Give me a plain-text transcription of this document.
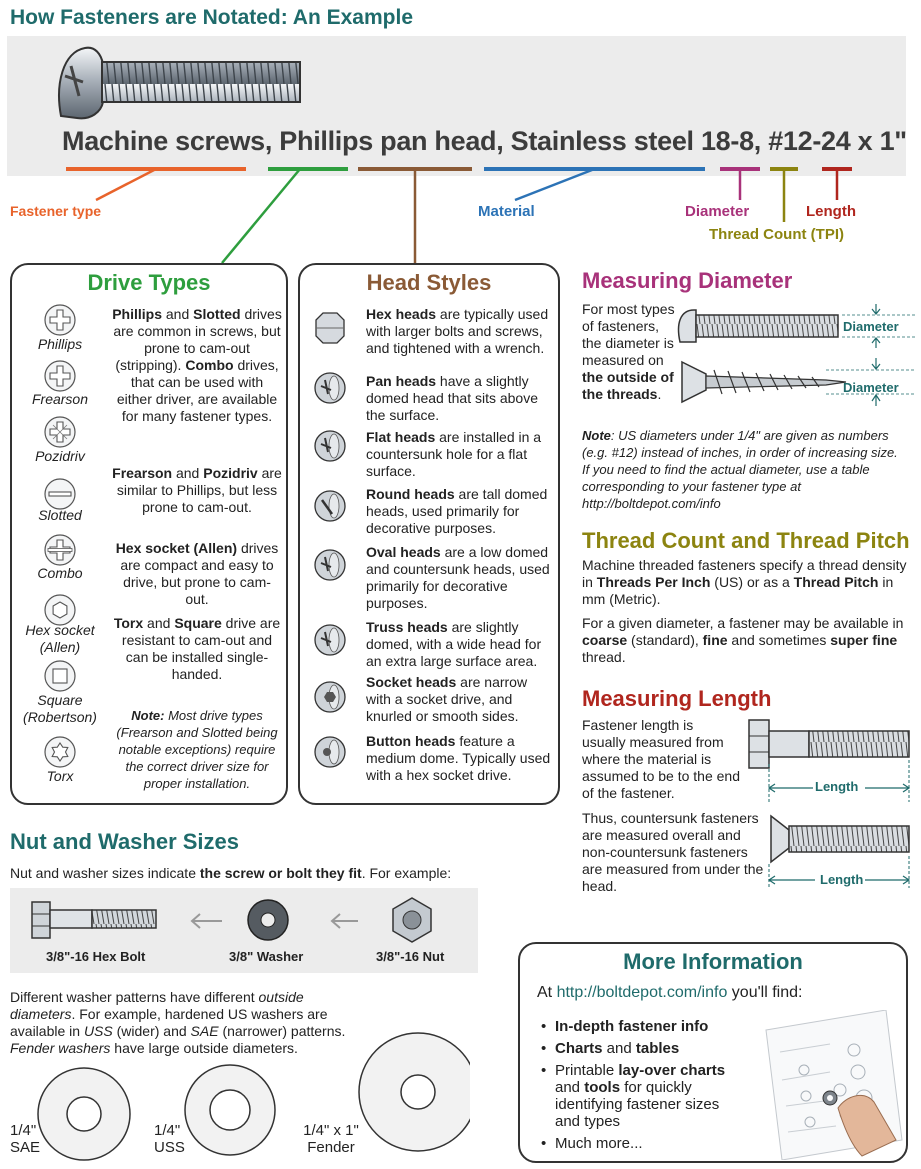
How Fasteners are Notated: An Example
Machine screws, Phillips pan head, Stainless steel 18-8, #12-24 x 1"
Fastener type	Material	Diameter	Length
Thread Count (TPI)
Drive Types
Phillips
Frearson
Pozidriv
Slotted
Combo
Hex socket (Allen)
Square (Robertson)
Torx
Phillips and Slotted drives are common in screws, but prone to cam-out (stripping). Combo drives, that can be used with either driver, are available for many fastener types.
Frearson and Pozidriv are similar to Phillips, but less prone to cam-out.
Hex socket (Allen) drives are compact and easy to drive, but prone to cam-out.
Torx and Square drive are resistant to cam-out and can be installed single-handed.
Note: Most drive types (Frearson and Slotted being notable exceptions) require the correct driver size for proper installation.
Head Styles
Hex heads are typically used with larger bolts and screws, and tightened with a wrench.
Pan heads have a slightly domed head that sits above the surface.
Flat heads are installed in a countersunk hole for a flat surface.
Round heads are tall domed heads, used primarily for decorative purposes.
Oval heads are a low domed and countersunk heads, used primarily for decorative purposes.
Truss heads are slightly domed, with a wide head for an extra large surface area.
Socket heads are narrow with a socket drive, and knurled or smooth sides.
Button heads feature a medium dome. Typically used with a hex socket drive.
Measuring Diameter
For most types of fasteners, the diameter is measured on the outside of the threads.
Diameter
Diameter
Note: US diameters under 1/4" are given as numbers (e.g. #12) instead of inches, in order of increasing size. If you need to find the actual diameter, use a table corresponding to your fastener type at http://boltdepot.com/info
Thread Count and Thread Pitch
Machine threaded fasteners specify a thread density in Threads Per Inch (US) or as a Thread Pitch in mm (Metric).
For a given diameter, a fastener may be available in coarse (standard), fine and sometimes super fine thread.
Measuring Length
Fastener length is usually measured from where the material is assumed to be to the end of the fastener.
Thus, countersunk fasteners are measured overall and non-countersunk fasteners are measured from under the head.
Length
Length
Nut and Washer Sizes
Nut and washer sizes indicate the screw or bolt they fit. For example:
3/8"-16 Hex Bolt	3/8" Washer	3/8"-16 Nut
Different washer patterns have different outside diameters. For example, hardened US washers are available in USS (wider) and SAE (narrower) patterns. Fender washers have large outside diameters.
1/4"
SAE
1/4"
USS
1/4" x 1"
Fender
More Information
At http://boltdepot.com/info you'll find:
• In-depth fastener info
• Charts and tables
• Printable lay-over charts and tools for quickly identifying fastener sizes and types
• Much more...
